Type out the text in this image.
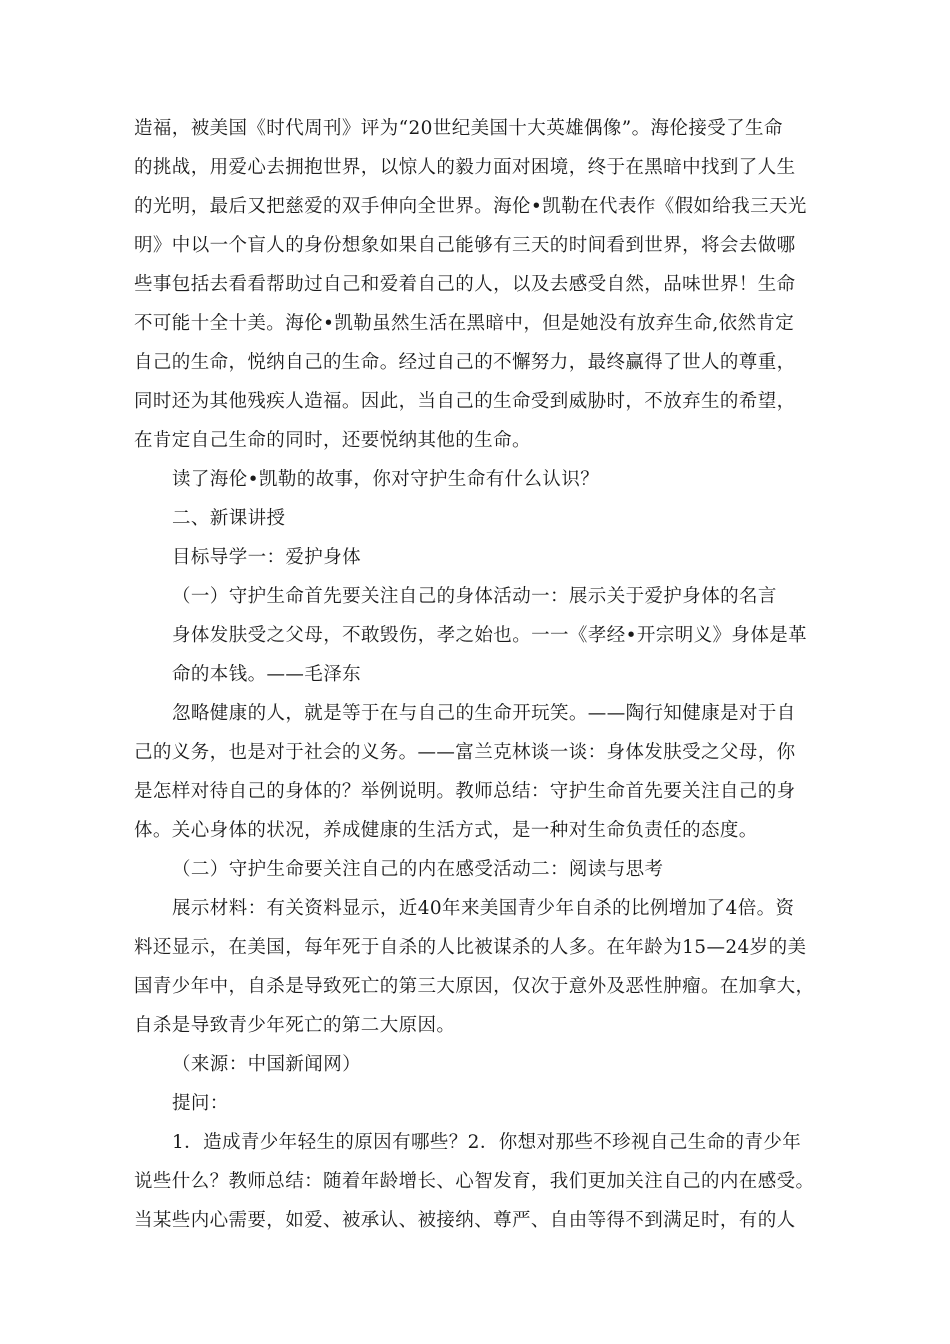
造福，被美国《时代周刊》评为“20世纪美国十大英雄偶像”。海伦接受了生命
的挑战，用爱心去拥抱世界，以惊人的毅力面对困境，终于在黑暗中找到了人生
的光明，最后又把慈爱的双手伸向全世界。海伦•凯勒在代表作《假如给我三天光
明》中以一个盲人的身份想象如果自己能够有三天的时间看到世界，将会去做哪
些事包括去看看帮助过自己和爱着自己的人，以及去感受自然，品味世界！生命
不可能十全十美。海伦•凯勒虽然生活在黑暗中，但是她没有放弃生命,依然肯定
自己的生命，悦纳自己的生命。经过自己的不懈努力，最终赢得了世人的尊重，
同时还为其他残疾人造福。因此，当自己的生命受到威胁时，不放弃生的希望，
在肯定自己生命的同时，还要悦纳其他的生命。
读了海伦•凯勒的故事，你对守护生命有什么认识？
二、新课讲授
目标导学一：爱护身体
（一）守护生命首先要关注自己的身体活动一：展示关于爱护身体的名言
身体发肤受之父母，不敢毁伤，孝之始也。一一《孝经•开宗明义》身体是革
命的本钱。——毛泽东
忽略健康的人，就是等于在与自己的生命开玩笑。——陶行知健康是对于自
己的义务，也是对于社会的义务。——富兰克林谈一谈：身体发肤受之父母，你
是怎样对待自己的身体的？举例说明。教师总结：守护生命首先要关注自己的身
体。关心身体的状况，养成健康的生活方式，是一种对生命负责任的态度。
（二）守护生命要关注自己的内在感受活动二：阅读与思考
展示材料：有关资料显示，近40年来美国青少年自杀的比例增加了4倍。资
料还显示，在美国，每年死于自杀的人比被谋杀的人多。在年龄为15—24岁的美
国青少年中，自杀是导致死亡的第三大原因，仅次于意外及恶性肿瘤。在加拿大，
自杀是导致青少年死亡的第二大原因。
（来源：中国新闻网）
提问：
1．造成青少年轻生的原因有哪些？2．你想对那些不珍视自己生命的青少年
说些什么？教师总结：随着年龄增长、心智发育，我们更加关注自己的内在感受。
当某些内心需要，如爱、被承认、被接纳、尊严、自由等得不到满足时，有的人
